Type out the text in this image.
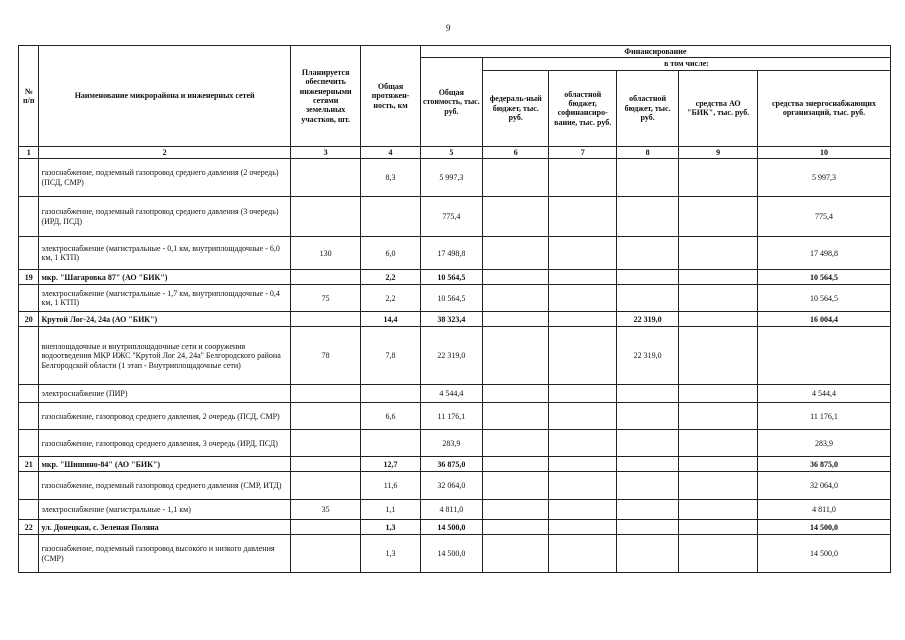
9
№ п/п	Наименование микрорайона и инженерных сетей	Планируется обеспечить инженерными сетями земельных участков, шт.	Общая протяжен-ность, км	Финансирование					
				Общая стоимость, тыс. руб.	в том числе:				
					федераль-ный бюджет, тыс. руб.	областной бюджет, софинансиро-вание, тыс. руб.	областной бюджет, тыс. руб.	средства АО "БИК", тыс. руб.	средства энергоснабжающих организаций, тыс. руб.
1	2	3	4	5	6	7	8	9	10
	газоснабжение, подземный газопровод среднего давления (2 очередь) (ПСД, СМР)		8,3	5 997,3					5 997,3
	газоснабжение, подземный газопровод среднего давления (3 очередь) (ИРД, ПСД)			775,4					775,4
	электроснабжение (магистральные - 0,1 км, внутриплощадочные - 6,0 км, 1 КТП)	130	6,0	17 498,8					17 498,8
19	мкр. "Шагаровка 87" (АО "БИК")		2,2	10 564,5					10 564,5
	электроснабжение (магистральные - 1,7 км, внутриплощадочные - 0,4 км, 1 КТП)	75	2,2	10 564,5					10 564,5
20	Крутой Лог-24, 24а (АО "БИК")		14,4	38 323,4			22 319,0		16 004,4
	внеплощадочные и внутриплощадочные сети и сооружения водоотведения МКР ИЖС "Крутой Лог 24, 24а" Белгородского района Белгородской области (1 этап - Внутриплощадочные сети)	78	7,8	22 319,0			22 319,0		
	электроснабжение (ПИР)			4 544,4					4 544,4
	газоснабжение, газопровод среднего давления, 2 очередь (ПСД, СМР)		6,6	11 176,1					11 176,1
	газоснабжение, газопровод среднего давления, 3 очередь (ИРД, ПСД)			283,9					283,9
21	мкр. "Шишино-84" (АО "БИК")		12,7	36 875,0					36 875,0
	газоснабжение, подземный газопровод среднего давления (СМР, ИТД)		11,6	32 064,0					32 064,0
	электроснабжение (магистральные - 1,1 км)	35	1,1	4 811,0					4 811,0
22	ул. Донецкая, с. Зеленая Поляна		1,3	14 500,0					14 500,0
	газоснабжение, подземный газопровод высокого и низкого давления (СМР)		1,3	14 500,0					14 500,0
